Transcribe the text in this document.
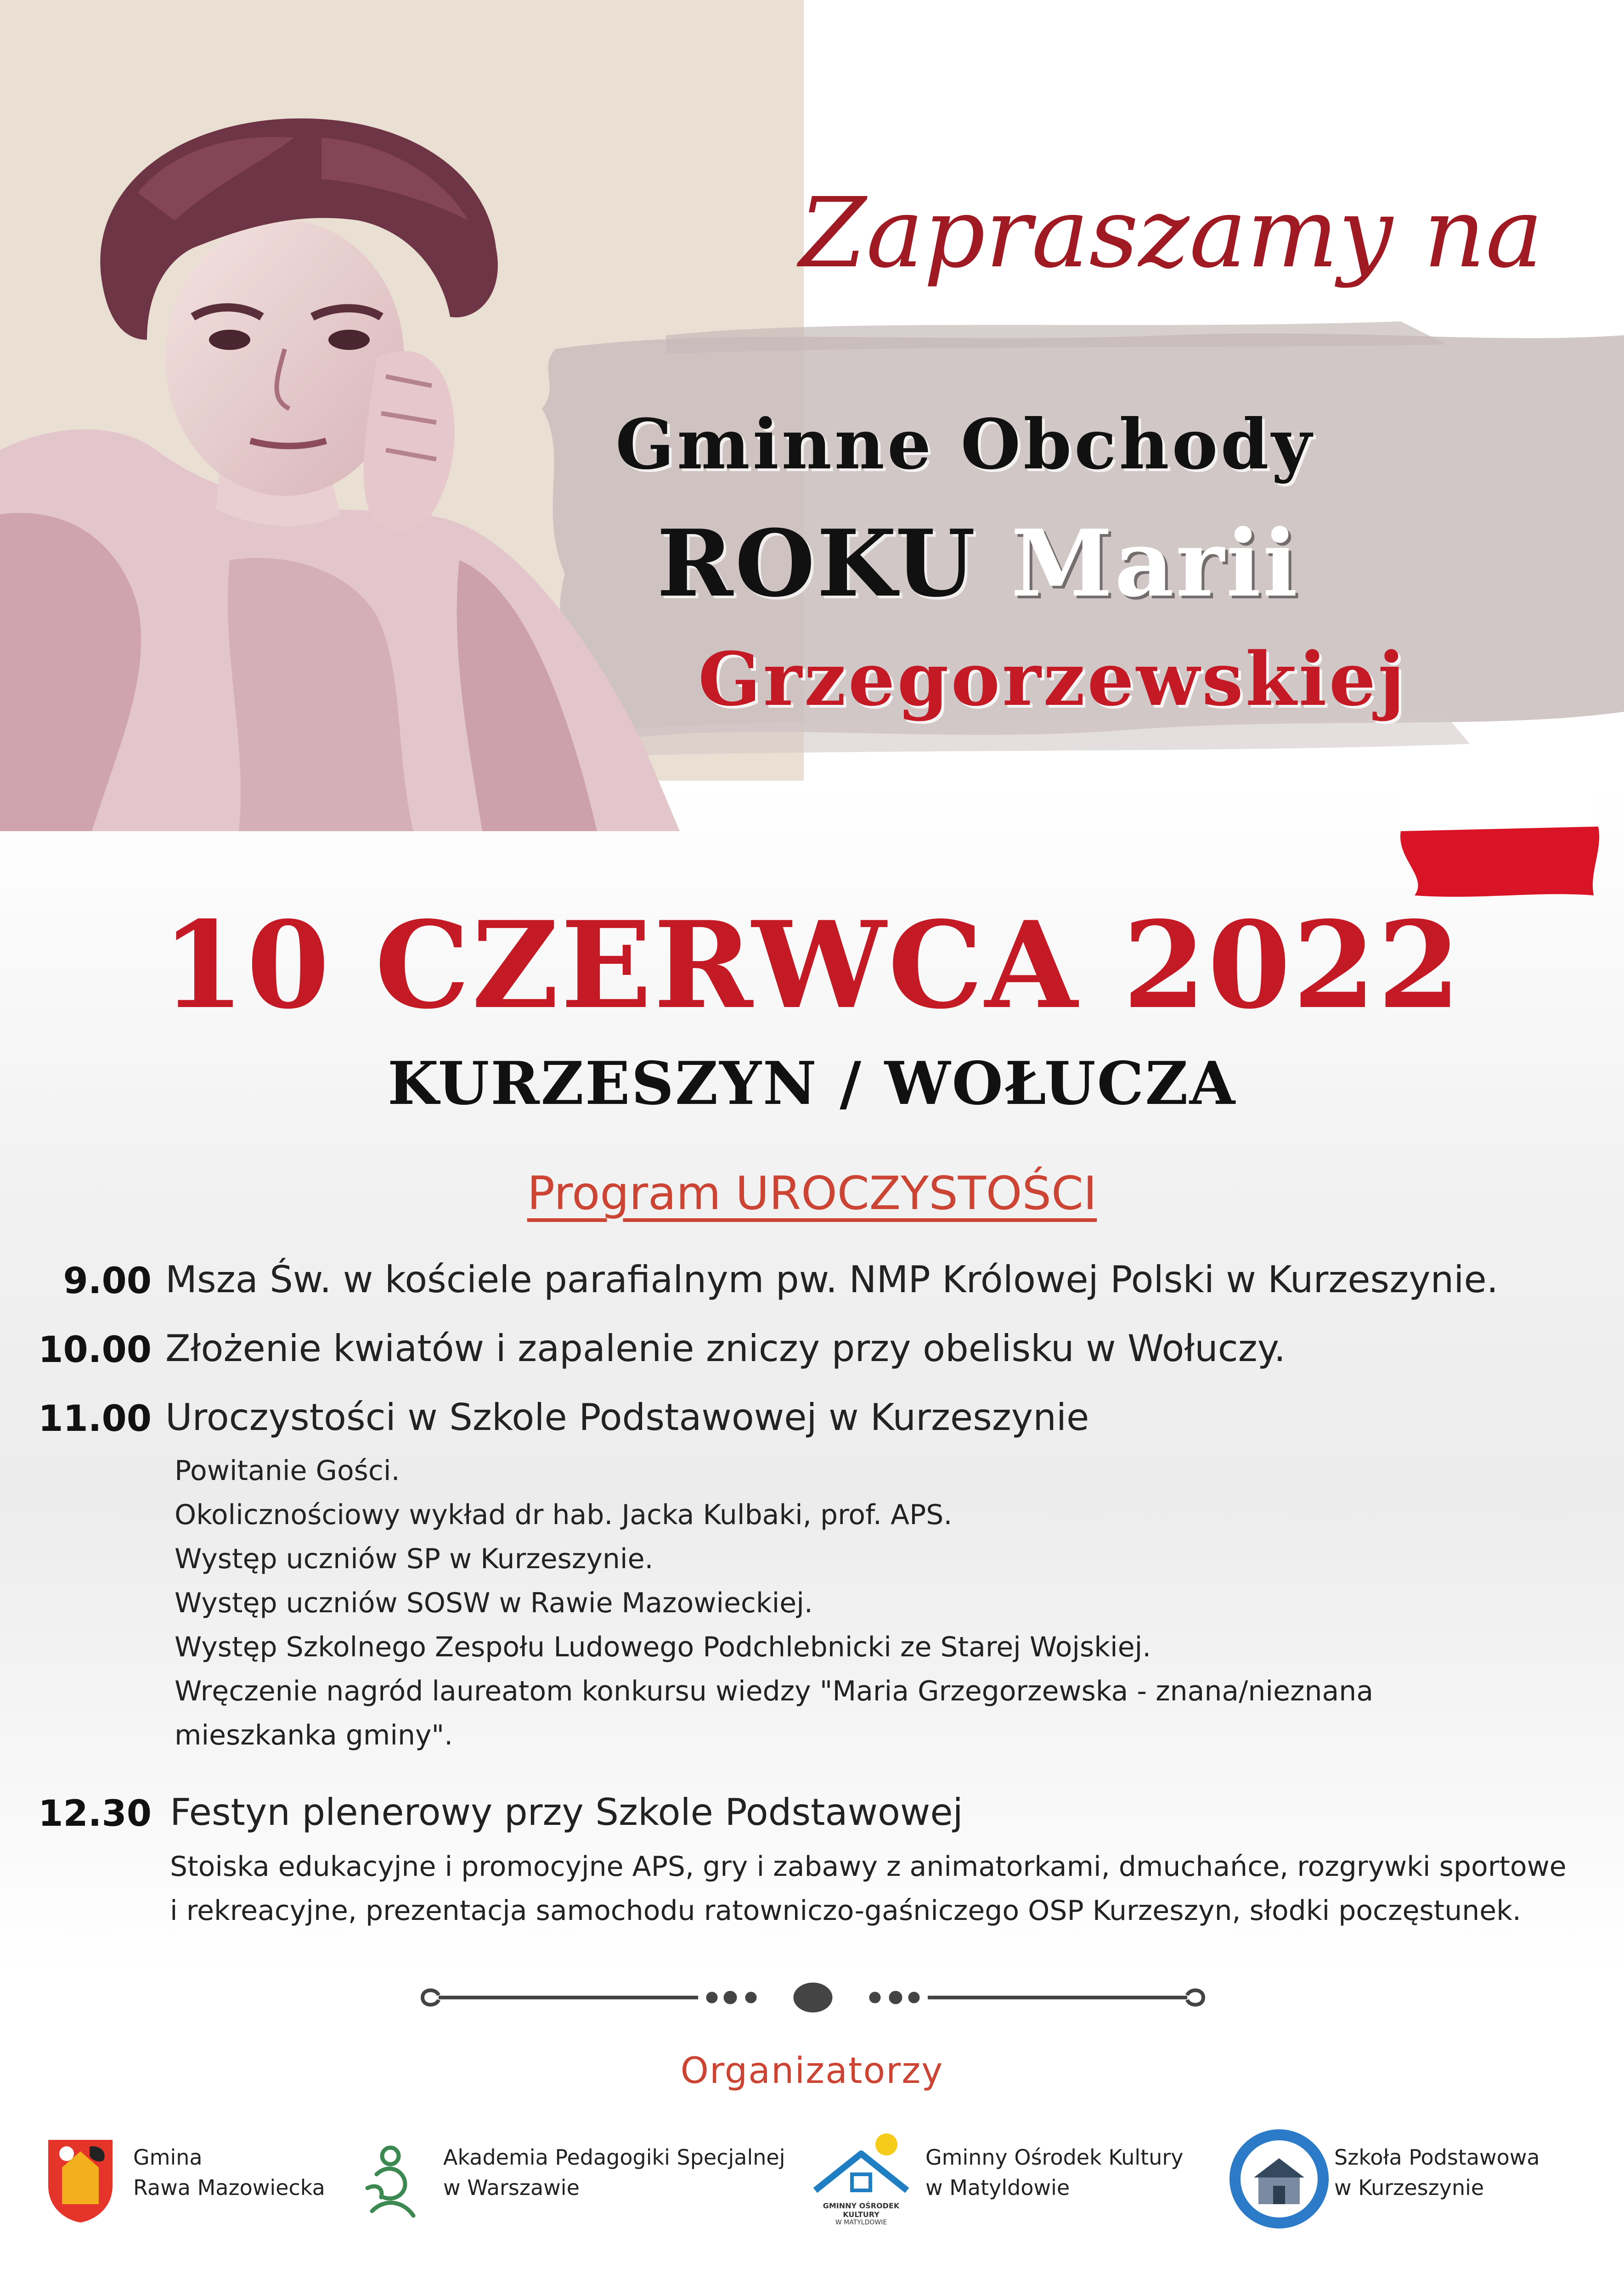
Zapraszamy na
Gminne Obchody
ROKU Marii
Grzegorzewskiej
10 CZERWCA 2022
KURZESZYN / WOŁUCZA
Program UROCZYSTOŚCI
9.00 Msza Św. w kościele parafialnym pw. NMP Królowej Polski w Kurzeszynie.
10.00 Złożenie kwiatów i zapalenie zniczy przy obelisku w Wołuczy.
11.00 Uroczystości w Szkole Podstawowej w Kurzeszynie
Powitanie Gości.
Okolicznościowy wykład dr hab. Jacka Kulbaki, prof. APS.
Występ uczniów SP w Kurzeszynie.
Występ uczniów SOSW w Rawie Mazowieckiej.
Występ Szkolnego Zespołu Ludowego Podchlebnicki ze Starej Wojskiej.
Wręczenie nagród laureatom konkursu wiedzy "Maria Grzegorzewska - znana/nieznana
mieszkanka gminy".
12.30 Festyn plenerowy przy Szkole Podstawowej
Stoiska edukacyjne i promocyjne APS, gry i zabawy z animatorkami, dmuchańce, rozgrywki sportowe
i rekreacyjne, prezentacja samochodu ratowniczo-gaśniczego OSP Kurzeszyn, słodki poczęstunek.
Organizatorzy
Gmina
Rawa Mazowiecka
Akademia Pedagogiki Specjalnej
w Warszawie
GMINNY OŚRODEK KULTURY
W MATYLDOWIE
Gminny Ośrodek Kultury
w Matyldowie
Szkoła Podstawowa
w Kurzeszynie
